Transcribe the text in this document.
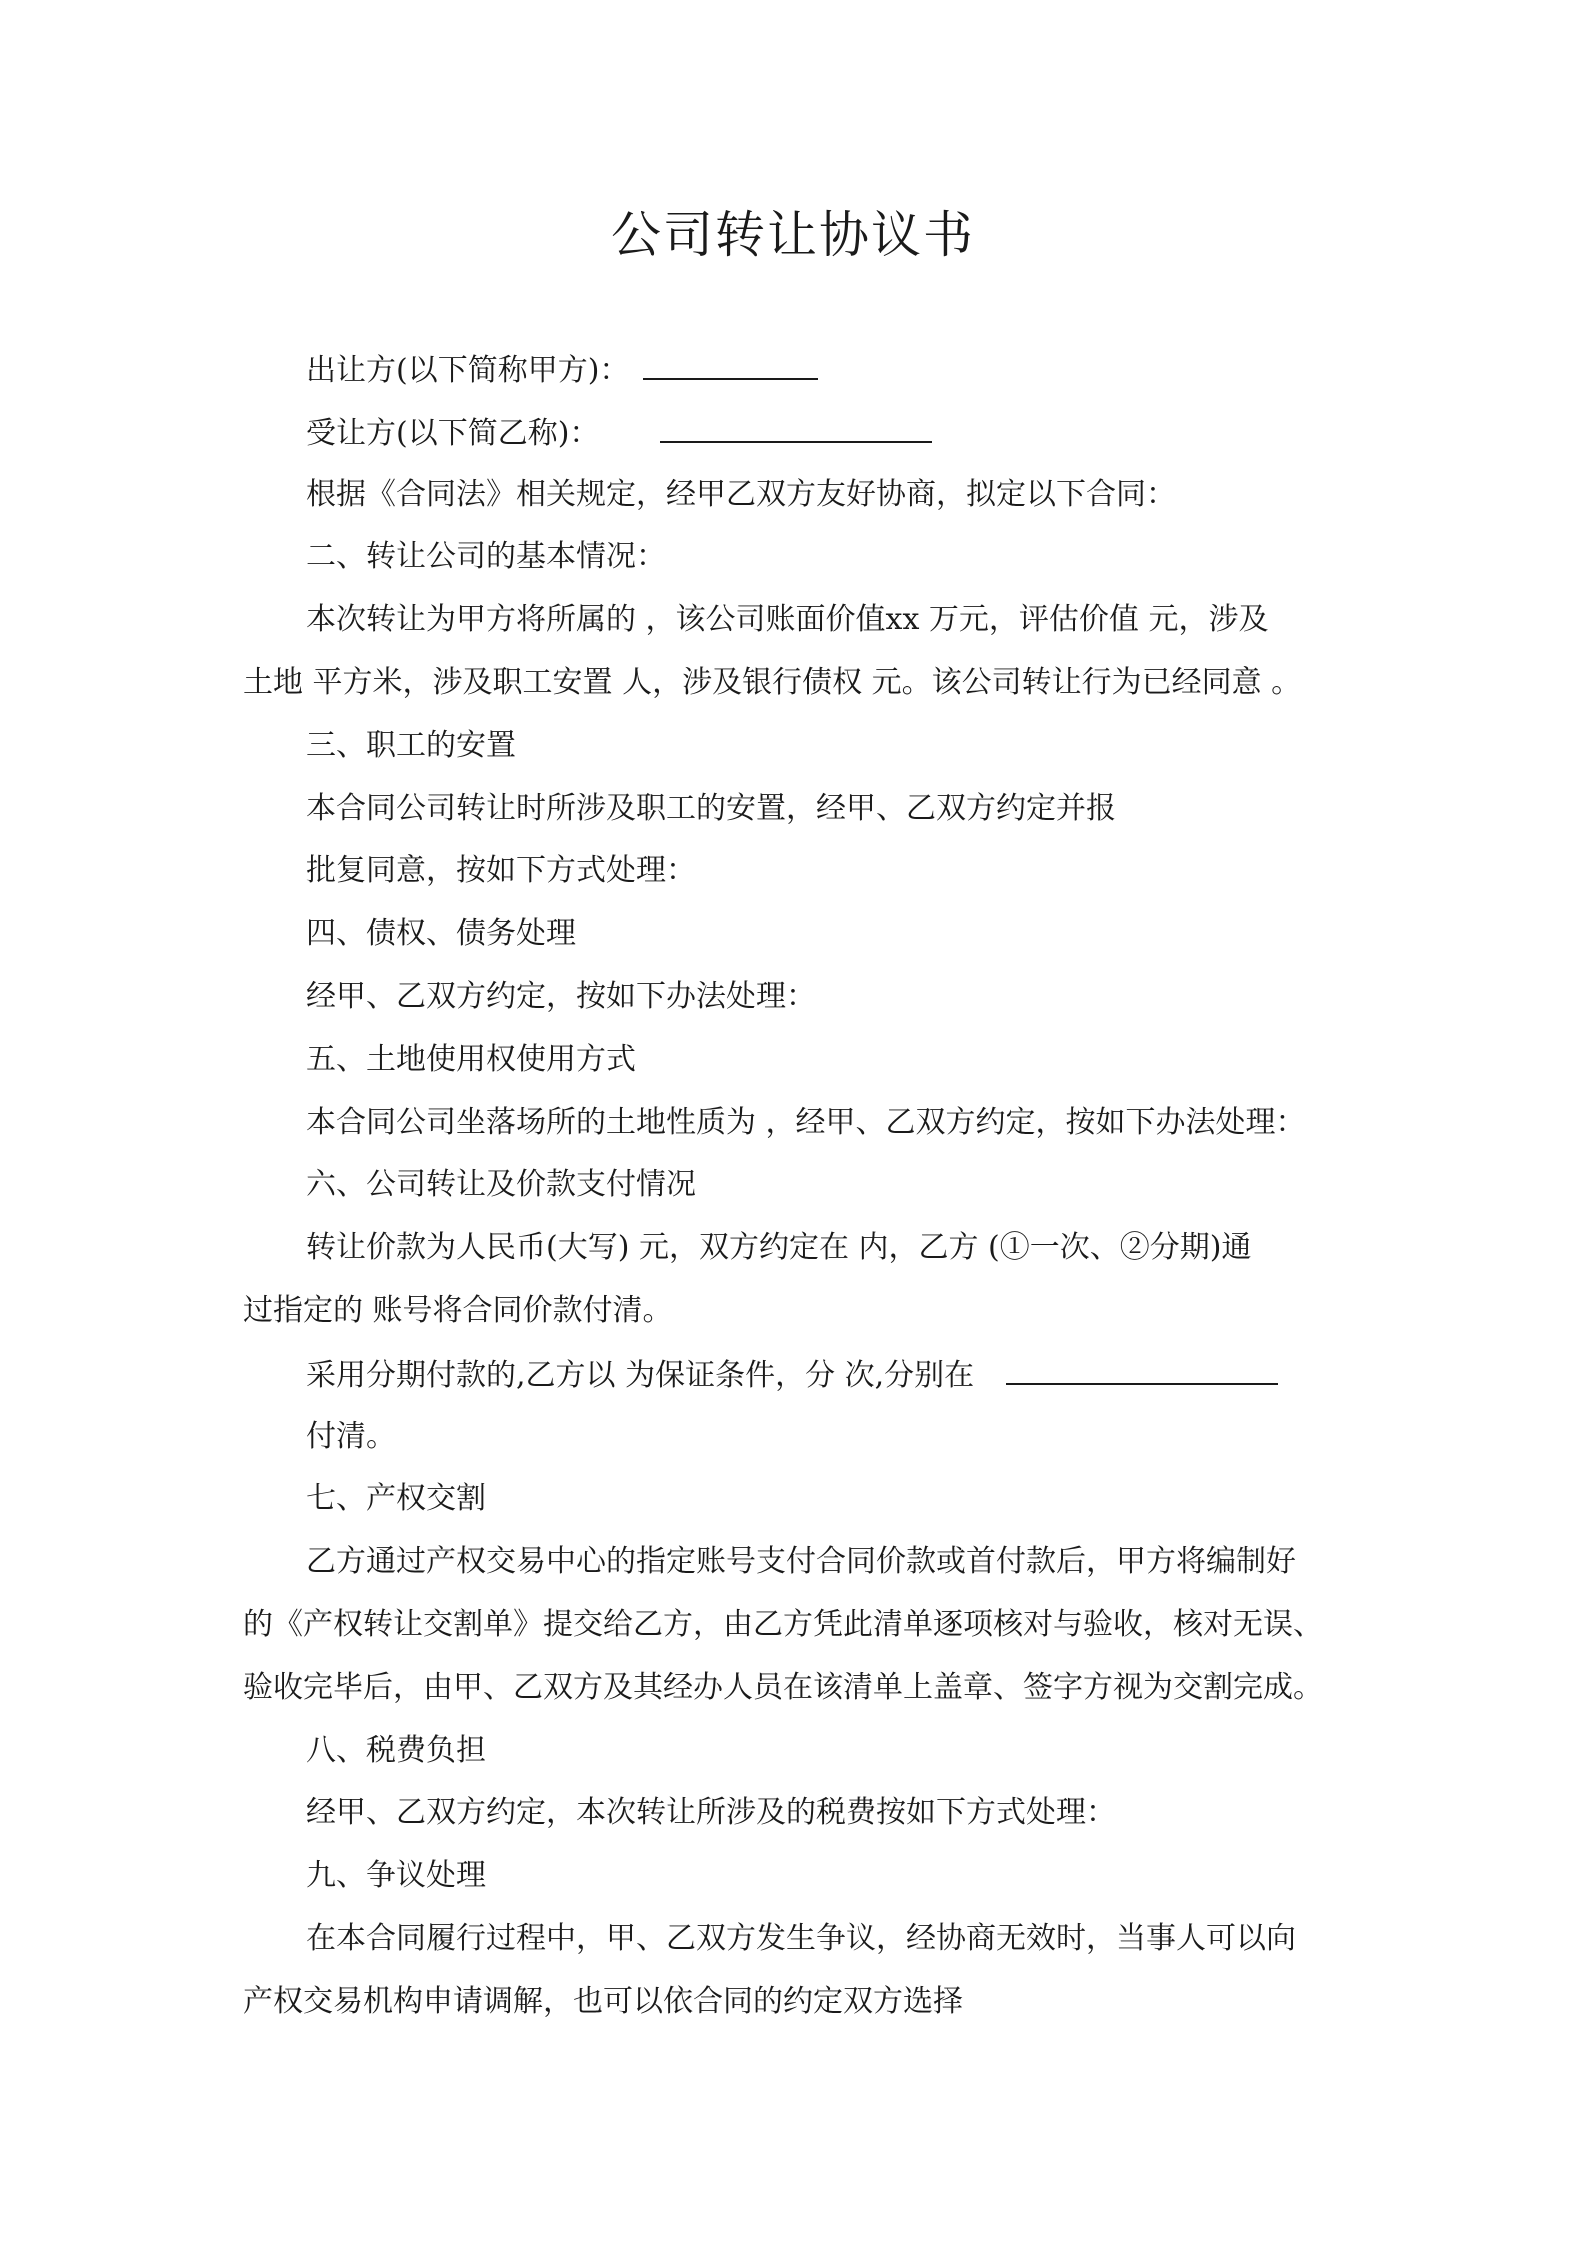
公司转让协议书
出让方(以下简称甲方)：
受让方(以下简乙称)：
根据《合同法》相关规定，经甲乙双方友好协商，拟定以下合同：
二、转让公司的基本情况：
本次转让为甲方将所属的 ，该公司账面价值xx 万元，评估价值 元，涉及
土地 平方米，涉及职工安置 人，涉及银行债权 元。该公司转让行为已经同意 。
三、职工的安置
本合同公司转让时所涉及职工的安置，经甲、乙双方约定并报
批复同意，按如下方式处理：
四、债权、债务处理
经甲、乙双方约定，按如下办法处理：
五、土地使用权使用方式
本合同公司坐落场所的土地性质为 ，经甲、乙双方约定，按如下办法处理：
六、公司转让及价款支付情况
转让价款为人民币(大写) 元，双方约定在 内，乙方 (①一次、②分期)通
过指定的 账号将合同价款付清。
采用分期付款的,乙方以 为保证条件，分 次,分别在
付清。
七、产权交割
乙方通过产权交易中心的指定账号支付合同价款或首付款后，甲方将编制好
的《产权转让交割单》提交给乙方，由乙方凭此清单逐项核对与验收，核对无误、
验收完毕后，由甲、乙双方及其经办人员在该清单上盖章、签字方视为交割完成。
八、税费负担
经甲、乙双方约定，本次转让所涉及的税费按如下方式处理：
九、争议处理
在本合同履行过程中，甲、乙双方发生争议，经协商无效时，当事人可以向
产权交易机构申请调解，也可以依合同的约定双方选择
